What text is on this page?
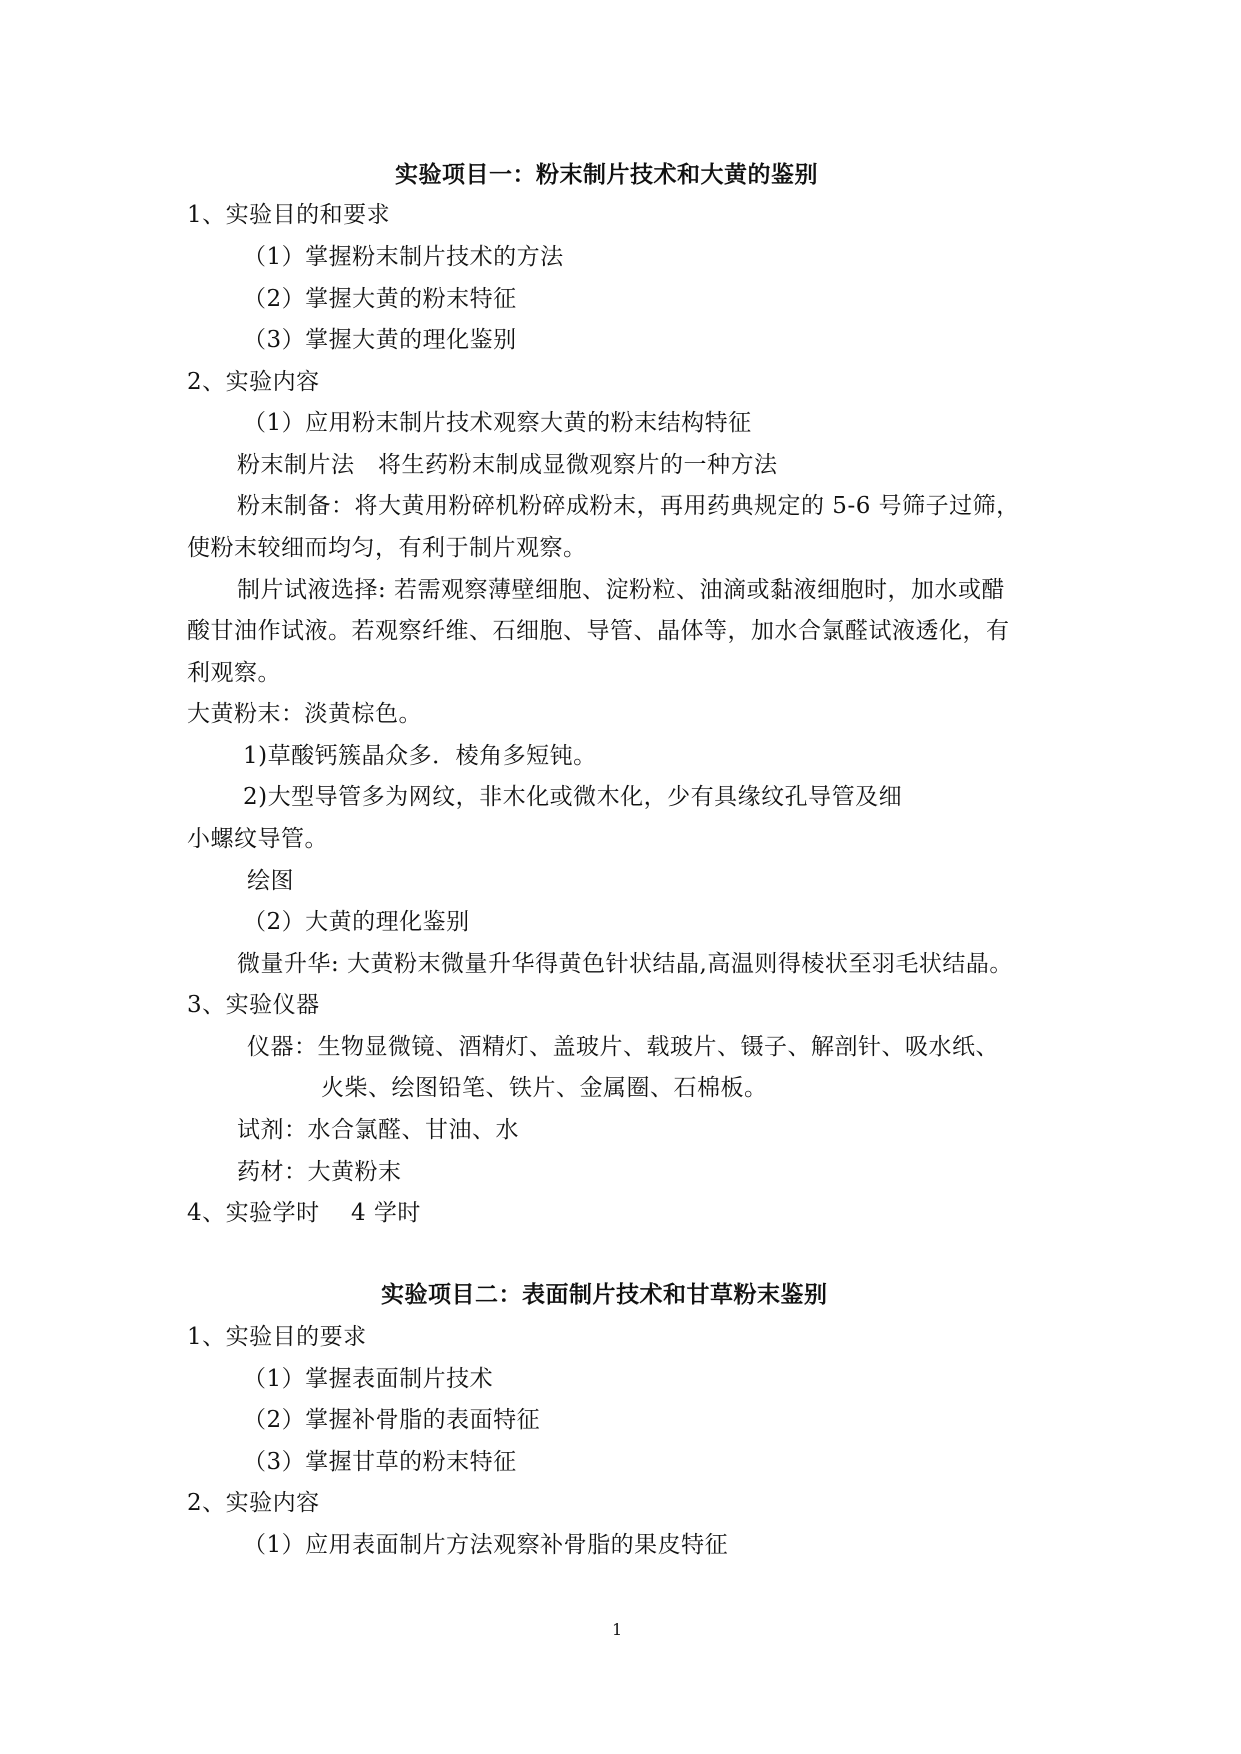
实验项目一：粉末制片技术和大黄的鉴别
1、实验目的和要求
（1）掌握粉末制片技术的方法
（2）掌握大黄的粉末特征
（3）掌握大黄的理化鉴别
2、实验内容
（1）应用粉末制片技术观察大黄的粉末结构特征
粉末制片法　将生药粉末制成显微观察片的一种方法
粉末制备：将大黄用粉碎机粉碎成粉末，再用药典规定的 5-6 号筛子过筛，
使粉末较细而均匀，有利于制片观察。
制片试液选择: 若需观察薄壁细胞、淀粉粒、油滴或黏液细胞时，加水或醋
酸甘油作试液。若观察纤维、石细胞、导管、晶体等，加水合氯醛试液透化，有
利观察。
大黄粉末：淡黄棕色。
1)草酸钙簇晶众多．棱角多短钝。
2)大型导管多为网纹，非木化或微木化，少有具缘纹孔导管及细
小螺纹导管。
绘图
（2）大黄的理化鉴别
微量升华: 大黄粉末微量升华得黄色针状结晶,高温则得棱状至羽毛状结晶。
3、实验仪器
仪器：生物显微镜、酒精灯、盖玻片、载玻片、镊子、解剖针、吸水纸、
火柴、绘图铅笔、铁片、金属圈、石棉板。
试剂：水合氯醛、甘油、水
药材：大黄粉末
4、实验学时　 4 学时
实验项目二：表面制片技术和甘草粉末鉴别
1、实验目的要求
（1）掌握表面制片技术
（2）掌握补骨脂的表面特征
（3）掌握甘草的粉末特征
2、实验内容
（1）应用表面制片方法观察补骨脂的果皮特征
1
